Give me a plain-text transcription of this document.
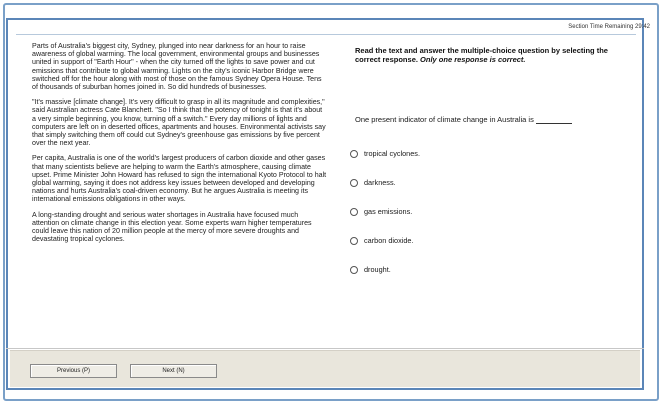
Section Time Remaining 29:42

Parts of Australia's biggest city, Sydney, plunged into near darkness for an hour to raise awareness of global warming. The local government, environmental groups and businesses united in support of "Earth Hour" - when the city turned off the lights to save power and cut emissions that contribute to global warming. Lights on the city's iconic Harbor Bridge were switched off for the hour along with most of those on the famous Sydney Opera House. Tens of thousands of suburban homes joined in. So did hundreds of businesses.

"It's massive [climate change]. It's very difficult to grasp in all its magnitude and complexities," said Australian actress Cate Blanchett. "So I think that the potency of tonight is that it's about a very simple beginning, you know, turning off a switch." Every day millions of lights and computers are left on in deserted offices, apartments and houses. Environmental activists say that simply switching them off could cut Sydney's greenhouse gas emissions by five percent over the next year.

Per capita, Australia is one of the world's largest producers of carbon dioxide and other gases that many scientists believe are helping to warm the Earth's atmosphere, causing climate upset. Prime Minister John Howard has refused to sign the international Kyoto Protocol to halt global warming, saying it does not address key issues between developed and developing nations and hurts Australia's coal-driven economy. But he argues Australia is meeting its international emissions obligations in other ways.

A long-standing drought and serious water shortages in Australia have focused much attention on climate change in this election year. Some experts warn higher temperatures could leave this nation of 20 million people at the mercy of more severe droughts and devastating tropical cyclones.

Read the text and answer the multiple-choice question by selecting the correct response. Only one response is correct.

One present indicator of climate change in Australia is
tropical cyclones.
darkness.
gas emissions.
carbon dioxide.
drought.
Previous (P)	Next (N)
